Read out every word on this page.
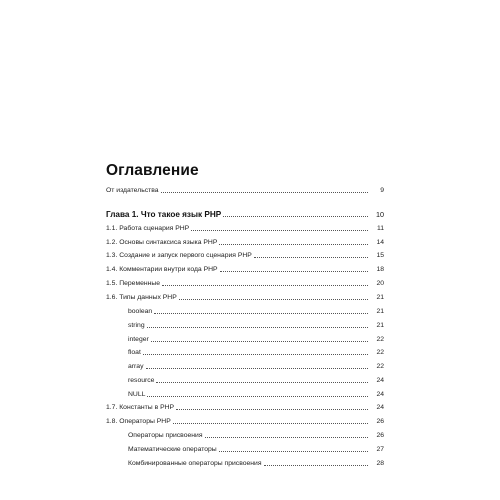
Оглавление
От издательства	9
Глава 1. Что такое язык PHP	10
1.1. Работа сценария PHP	11
1.2. Основы синтаксиса языка PHP	14
1.3. Создание и запуск первого сценария PHP	15
1.4. Комментарии внутри кода PHP	18
1.5. Переменные	20
1.6. Типы данных PHP	21
boolean	21
string	21
integer	22
float	22
array	22
resource	24
NULL	24
1.7. Константы в PHP	24
1.8. Операторы PHP	26
Операторы присвоения	26
Математические операторы	27
Комбинированные операторы присвоения	28
